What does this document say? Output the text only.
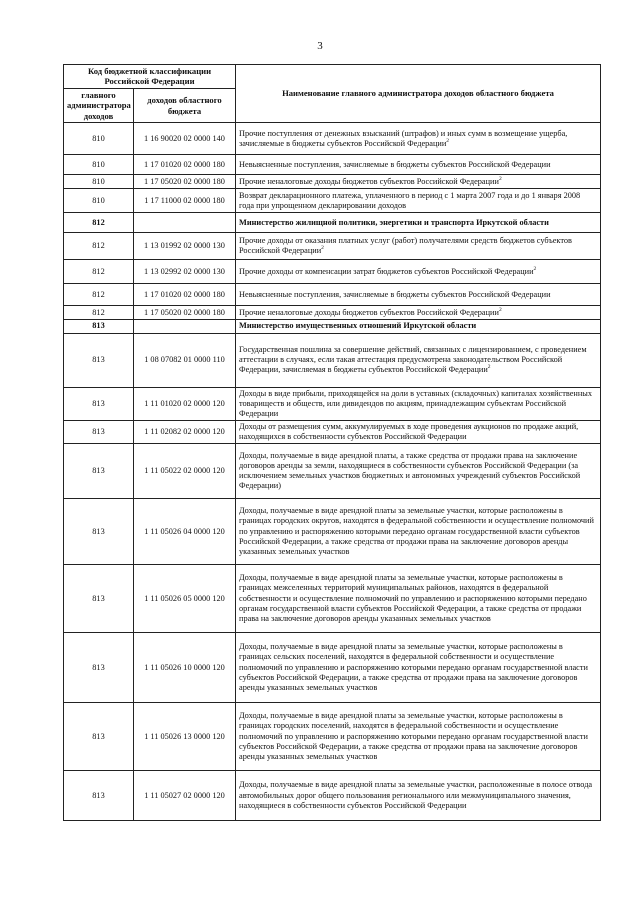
3
Код бюджетной классификации Российской Федерации		Наименование главного администратора доходов областного бюджета
главного администратора доходов	доходов областного бюджета	
810	1 16 90020 02 0000 140	Прочие поступления от денежных взысканий (штрафов) и иных сумм в возмещение ущерба, зачисляемые в бюджеты субъектов Российской Федерации$^2$
810	1 17 01020 02 0000 180	Невыясненные поступления, зачисляемые в бюджеты субъектов Российской Федерации
810	1 17 05020 02 0000 180	Прочие неналоговые доходы бюджетов субъектов Российской Федерации$^2$
810	1 17 11000 02 0000 180	Возврат декларационного платежа, уплаченного в период с 1 марта 2007 года и до 1 января 2008 года при упрощенном декларировании доходов
812		Министерство жилищной политики, энергетики и транспорта Иркутской области
812	1 13 01992 02 0000 130	Прочие доходы от оказания платных услуг (работ) получателями средств бюджетов субъектов Российской Федерации$^2$
812	1 13 02992 02 0000 130	Прочие доходы от компенсации затрат бюджетов субъектов Российской Федерации$^2$
812	1 17 01020 02 0000 180	Невыясненные поступления, зачисляемые в бюджеты субъектов Российской Федерации
812	1 17 05020 02 0000 180	Прочие неналоговые доходы бюджетов субъектов Российской Федерации$^2$
813		Министерство имущественных отношений Иркутской области
813	1 08 07082 01 0000 110	Государственная пошлина за совершение действий, связанных с лицензированием, с проведением аттестации в случаях, если такая аттестация предусмотрена законодательством Российской Федерации, зачисляемая в бюджеты субъектов Российской Федерации$^2$
813	1 11 01020 02 0000 120	Доходы в виде прибыли, приходящейся на доли в уставных (складочных) капиталах хозяйственных товариществ и обществ, или дивидендов по акциям, принадлежащим субъектам Российской Федерации
813	1 11 02082 02 0000 120	Доходы от размещения сумм, аккумулируемых в ходе проведения аукционов по продаже акций, находящихся в собственности субъектов Российской Федерации
813	1 11 05022 02 0000 120	Доходы, получаемые в виде арендной платы, а также средства от продажи права на заключение договоров аренды за земли, находящиеся в собственности субъектов Российской Федерации (за исключением земельных участков бюджетных и автономных учреждений субъектов Российской Федерации)
813	1 11 05026 04 0000 120	Доходы, получаемые в виде арендной платы за земельные участки, которые расположены в границах городских округов, находятся в федеральной собственности и осуществление полномочий по управлению и распоряжению которыми передано органам государственной власти субъектов Российской Федерации, а также средства от продажи права на заключение договоров аренды указанных земельных участков
813	1 11 05026 05 0000 120	Доходы, получаемые в виде арендной платы за земельные участки, которые расположены в границах межселенных территорий муниципальных районов, находятся в федеральной собственности и осуществление полномочий по управлению и распоряжению которыми передано органам государственной власти субъектов Российской Федерации, а также средства от продажи права на заключение договоров аренды указанных земельных участков
813	1 11 05026 10 0000 120	Доходы, получаемые в виде арендной платы за земельные участки, которые расположены в границах сельских поселений, находятся в федеральной собственности и осуществление полномочий по управлению и распоряжению которыми передано органам государственной власти субъектов Российской Федерации, а также средства от продажи права на заключение договоров аренды указанных земельных участков
813	1 11 05026 13 0000 120	Доходы, получаемые в виде арендной платы за земельные участки, которые расположены в границах городских поселений, находятся в федеральной собственности и осуществление полномочий по управлению и распоряжению которыми передано органам государственной власти субъектов Российской Федерации, а также средства от продажи права на заключение договоров аренды указанных земельных участков
813	1 11 05027 02 0000 120	Доходы, получаемые в виде арендной платы за земельные участки, расположенные в полосе отвода автомобильных дорог общего пользования регионального или межмуниципального значения, находящиеся в собственности субъектов Российской Федерации
